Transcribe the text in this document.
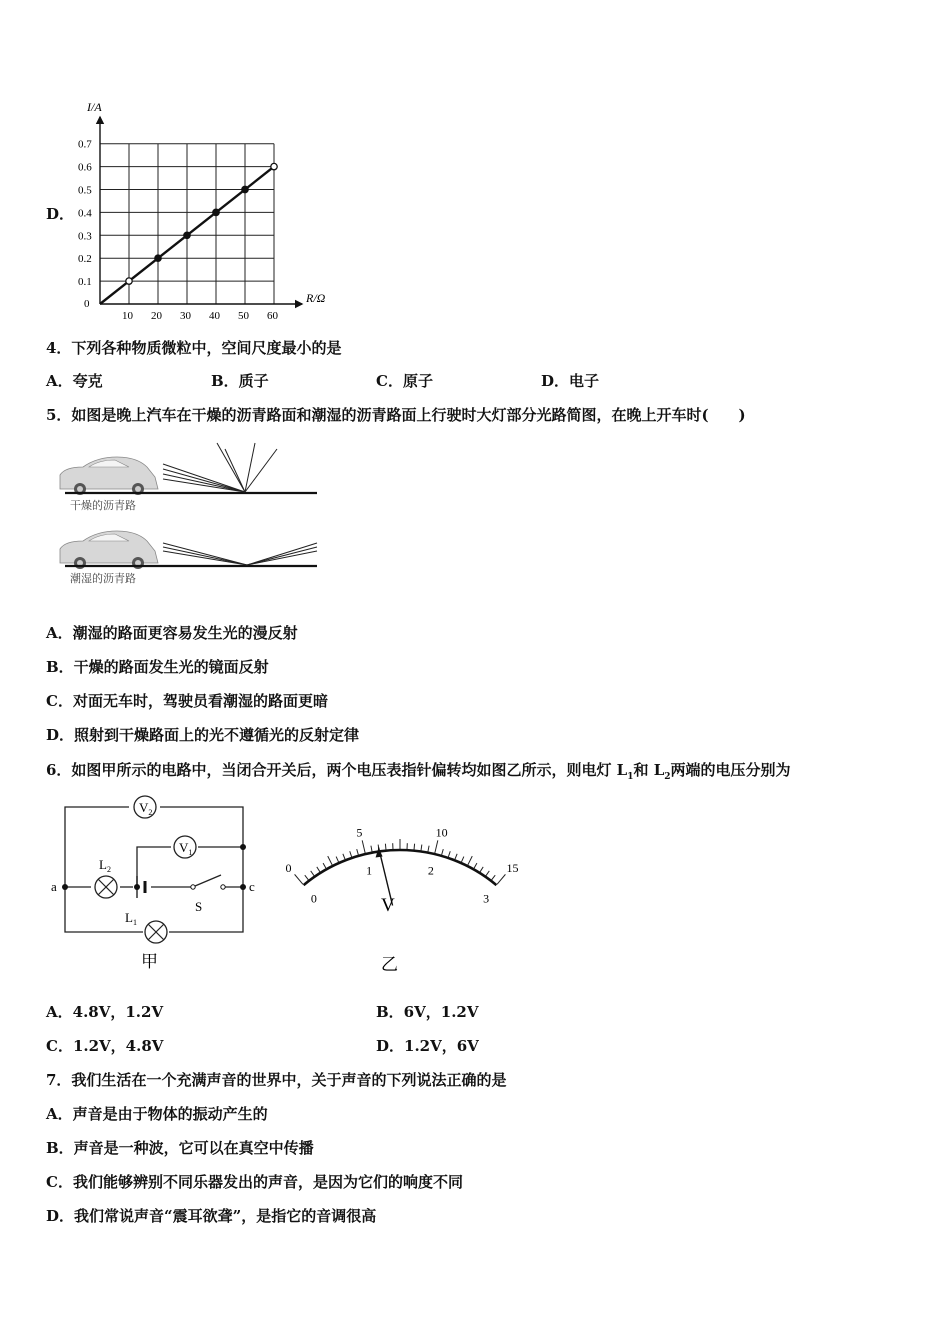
D．
I/A
R/Ω
0
0.1
0.2
0.3
0.4
0.5
0.6
0.7
10 20 30 40 50 60
4．下列各种物质微粒中，空间尺度最小的是
A．夸克	B．质子	C．原子	D．电子
5．如图是晚上汽车在干燥的沥青路面和潮湿的沥青路面上行驶时大灯部分光路简图，在晚上开车时(　　)
干燥的沥青路
潮湿的沥青路
A．潮湿的路面更容易发生光的漫反射
B．干燥的路面发生光的镜面反射
C．对面无车时，驾驶员看潮湿的路面更暗
D．照射到干燥路面上的光不遵循光的反射定律
6．如图甲所示的电路中，当闭合开关后，两个电压表指针偏转均如图乙所示，则电灯 $L_1$和 $L_2$两端的电压分别为
$V_2$
$V_1$
$L_2$
$L_1$
a	c
S
甲
0
5	10
15
0
1	2
3
V
乙
A．4.8V，1.2V	B．6V，1.2V
C．1.2V，4.8V	D．1.2V，6V
7．我们生活在一个充满声音的世界中，关于声音的下列说法正确的是
A．声音是由于物体的振动产生的
B．声音是一种波，它可以在真空中传播
C．我们能够辨别不同乐器发出的声音，是因为它们的响度不同
D．我们常说声音“震耳欲聋”，是指它的音调很高
